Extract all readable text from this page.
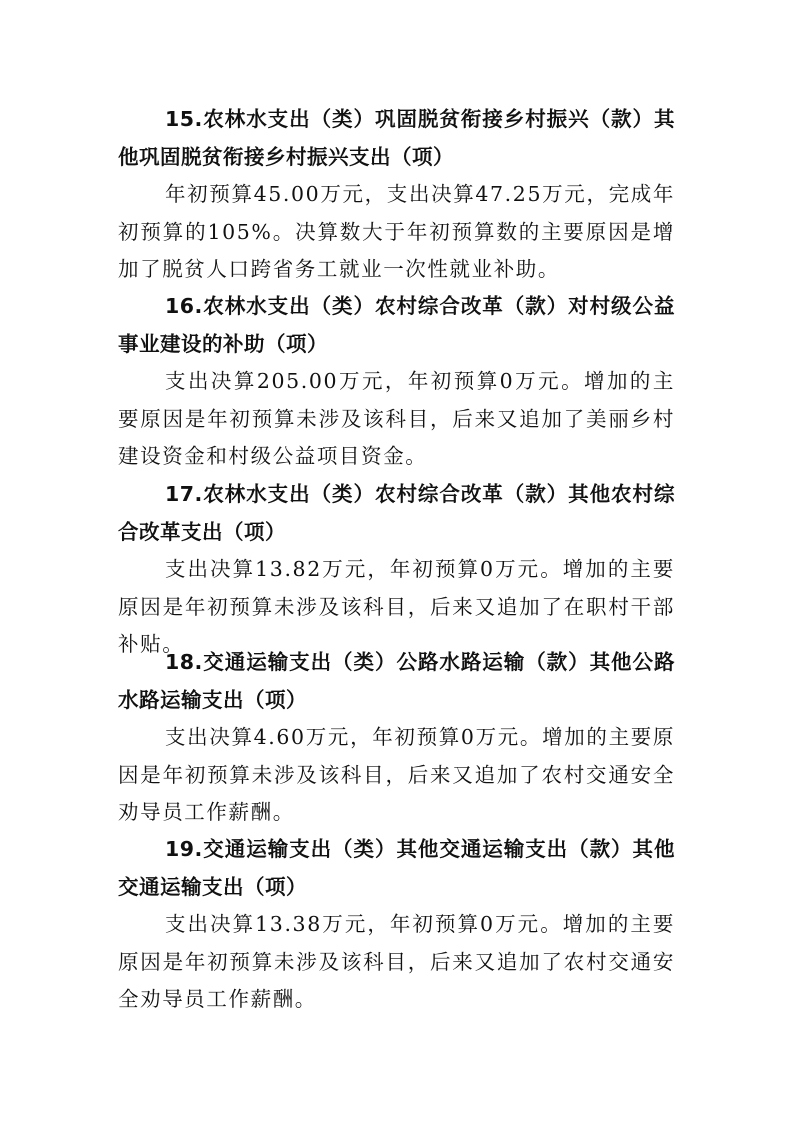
15.农林水支出（类）巩固脱贫衔接乡村振兴（款）其他巩固脱贫衔接乡村振兴支出（项）

年初预算45.00万元，支出决算47.25万元，完成年初预算的105%。决算数大于年初预算数的主要原因是增加了脱贫人口跨省务工就业一次性就业补助。

16.农林水支出（类）农村综合改革（款）对村级公益事业建设的补助（项）

支出决算205.00万元，年初预算0万元。增加的主要原因是年初预算未涉及该科目，后来又追加了美丽乡村建设资金和村级公益项目资金。

17.农林水支出（类）农村综合改革（款）其他农村综合改革支出（项）

支出决算13.82万元，年初预算0万元。增加的主要原因是年初预算未涉及该科目，后来又追加了在职村干部补贴。

18.交通运输支出（类）公路水路运输（款）其他公路水路运输支出（项）

支出决算4.60万元，年初预算0万元。增加的主要原因是年初预算未涉及该科目，后来又追加了农村交通安全劝导员工作薪酬。

19.交通运输支出（类）其他交通运输支出（款）其他交通运输支出（项）

支出决算13.38万元，年初预算0万元。增加的主要原因是年初预算未涉及该科目，后来又追加了农村交通安全劝导员工作薪酬。
